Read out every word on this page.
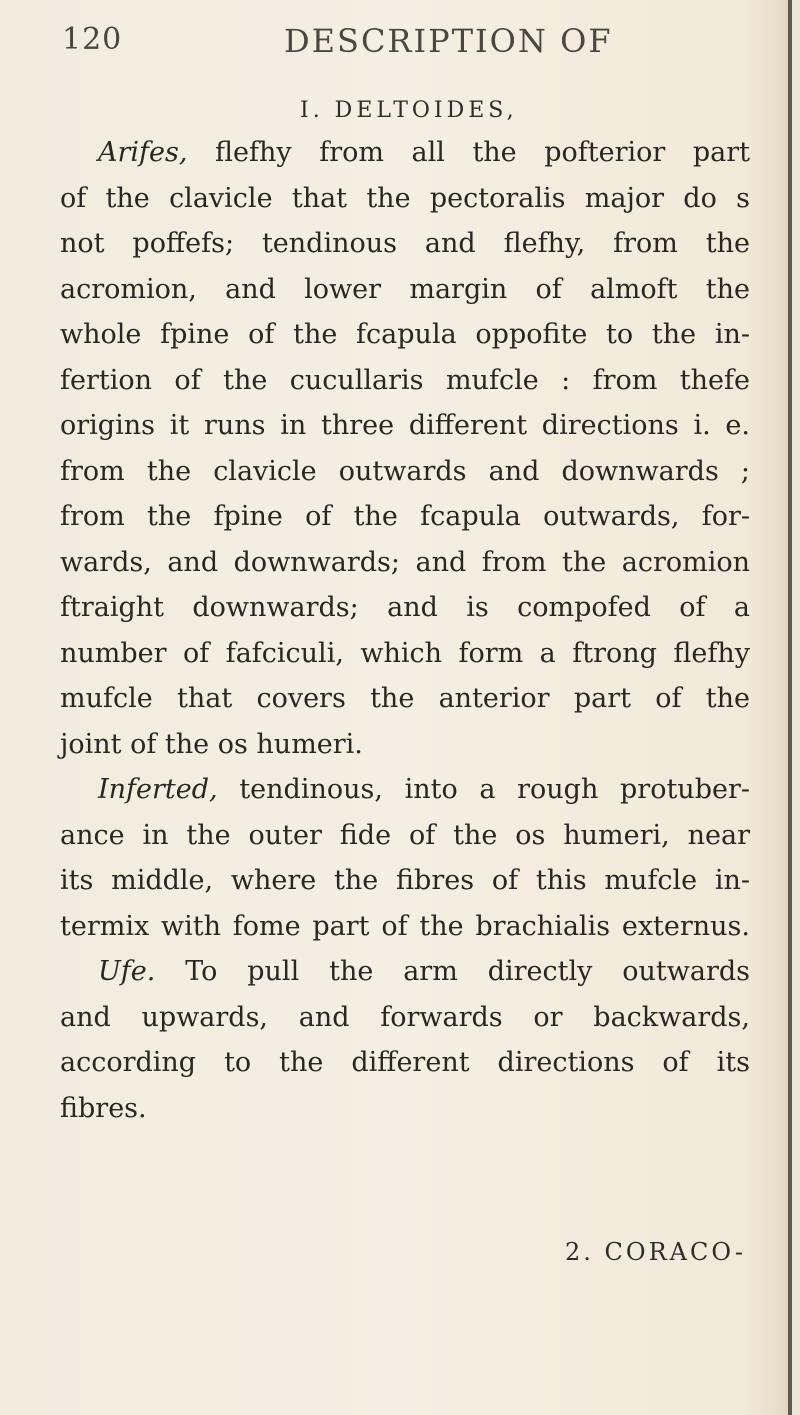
120	DESCRIPTION OF
I. DELTOIDES,
Arifes, flefhy from all the pofterior part
of the clavicle that the pectoralis major do s
not poffefs; tendinous and flefhy, from the
acromion, and lower margin of almoft the
whole fpine of the fcapula oppofite to the in-
fertion of the cucullaris mufcle : from thefe
origins it runs in three different directions i. e.
from the clavicle outwards and downwards ;
from the fpine of the fcapula outwards, for-
wards, and downwards; and from the acromion
ftraight downwards; and is compofed of a
number of fafciculi, which form a ftrong flefhy
mufcle that covers the anterior part of the
joint of the os humeri.
Inferted, tendinous, into a rough protuber-
ance in the outer fide of the os humeri, near
its middle, where the fibres of this mufcle in-
termix with fome part of the brachialis externus.
Ufe. To pull the arm directly outwards
and upwards, and forwards or backwards,
according to the different directions of its
fibres.
2. CORACO-
